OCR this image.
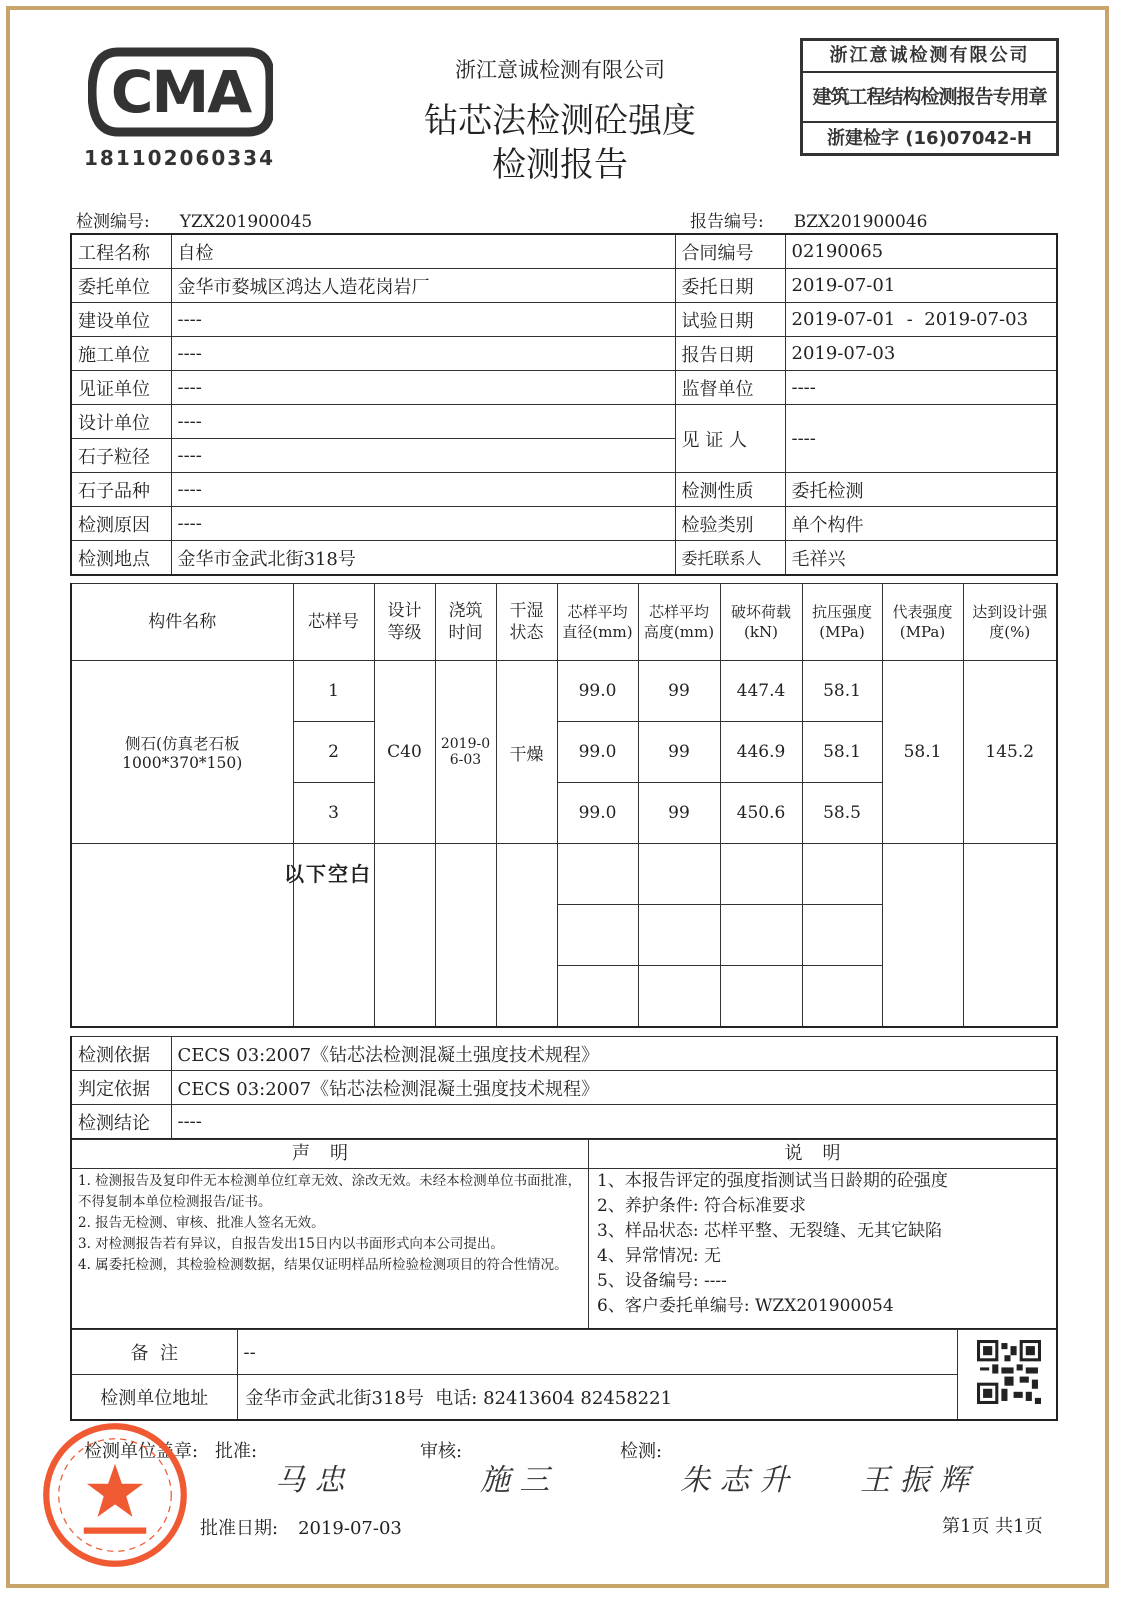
CMA
181102060334
浙江意诚检测有限公司
钻芯法检测砼强度
检测报告
浙江意诚检测有限公司
建筑工程结构检测报告专用章
浙建检字 (16)07042-H
检测编号: YZX201900045	报告编号: BZX201900046
工程名称	自检	合同编号	02190065
委托单位	金华市婺城区鸿达人造花岗岩厂	委托日期	2019-07-01
建设单位	----	试验日期	2019-07-01  -  2019-07-03
施工单位	----	报告日期	2019-07-03
见证单位	----	监督单位	----
设计单位	----	见 证 人	----
石子粒径	----		
石子品种	----	检测性质	委托检测
检测原因	----	检验类别	单个构件
检测地点	金华市金武北街318号	委托联系人	毛祥兴
构件名称	芯样号	设计等级	浇筑时间	干湿状态	芯样平均直径(mm)	芯样平均高度(mm)	破坏荷载(kN)	抗压强度(MPa)	代表强度(MPa)	达到设计强度(%)
侧石(仿真老石板1000*370*150)	1	C40	2019-06-03	干燥	99.0	99	447.4	58.1	58.1	145.2
	2				99.0	99	446.9	58.1		
	3				99.0	99	450.6	58.5		

以下空白
检测依据	CECS 03:2007《钻芯法检测混凝土强度技术规程》
判定依据	CECS 03:2007《钻芯法检测混凝土强度技术规程》
检测结论	----
声明

1. 检测报告及复印件无本检测单位红章无效、涂改无效。未经本检测单位书面批准，不得复制本单位检测报告/证书。
2. 报告无检测、审核、批准人签名无效。
3. 对检测报告若有异议，自报告发出15日内以书面形式向本公司提出。
4. 属委托检测，其检验检测数据，结果仅证明样品所检验检测项目的符合性情况。

说明
1、本报告评定的强度指测试当日龄期的砼强度
2、养护条件: 符合标准要求
3、样品状态: 芯样平整、无裂缝、无其它缺陷
4、异常情况: 无
5、设备编号: ----
6、客户委托单编号: WZX201900054
备  注	--	
检测单位地址	金华市金武北街318号  电话: 82413604 82458221	
检测单位盖章: 批准:
马 忠
审核:
施 三
检测:
朱 志 升 王 振 辉
批准日期: 2019-07-03	第1页 共1页
